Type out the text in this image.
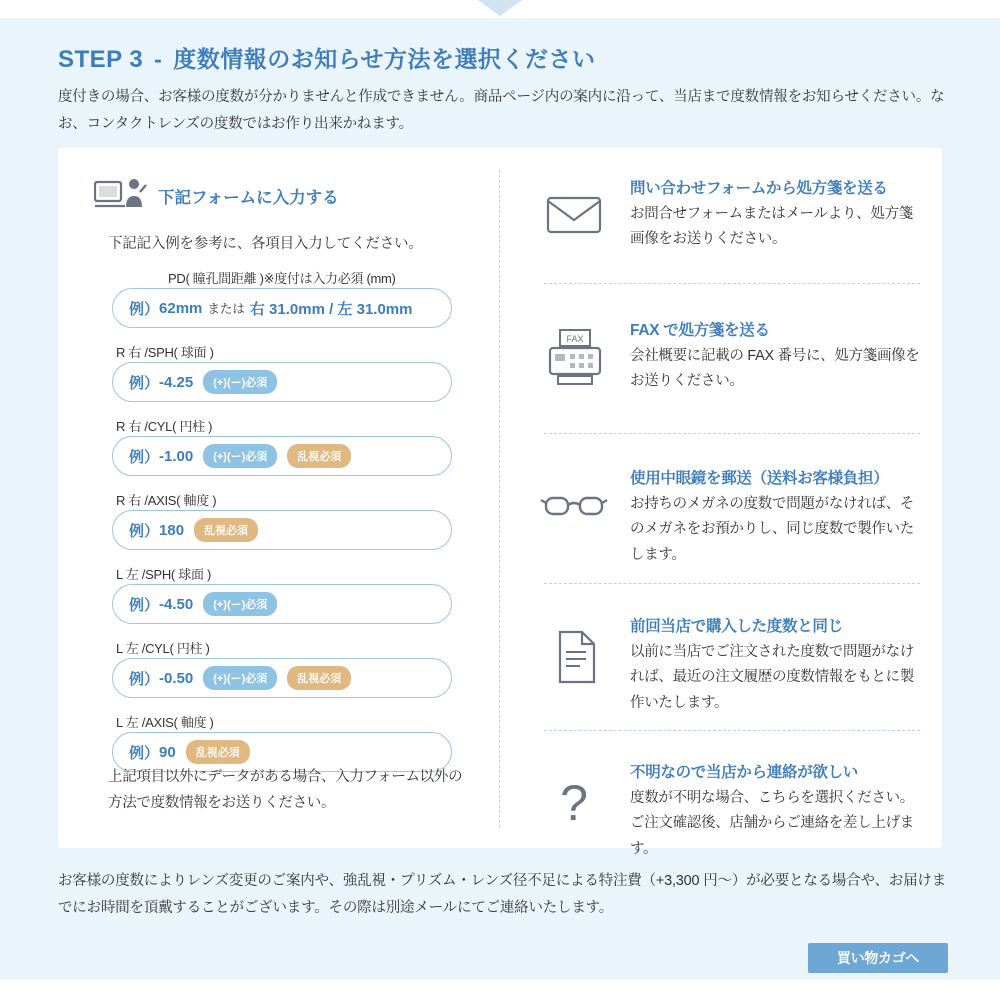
STEP 3 - 度数情報のお知らせ方法を選択ください
度付きの場合、お客様の度数が分かりませんと作成できません。商品ページ内の案内に沿って、当店まで度数情報をお知らせください。なお、コンタクトレンズの度数ではお作り出来かねます。
下記フォームに入力する
下記記入例を参考に、各項目入力してください。
PD( 瞳孔間距離 )※度付は入力必須 (mm)
例） 62mm または 右 31.0mm / 左 31.0mm
R 右 /SPH( 球面 )
例） -4.25	(+)(ー)必須
R 右 /CYL( 円柱 )
例） -1.00	(+)(ー)必須	乱視必須
R 右 /AXIS( 軸度 )
例） 180	乱視必須
L 左 /SPH( 球面 )
例） -4.50	(+)(ー)必須
L 左 /CYL( 円柱 )
例） -0.50	(+)(ー)必須	乱視必須
L 左 /AXIS( 軸度 )
例） 90	乱視必須
上記項目以外にデータがある場合、入力フォーム以外の方法で度数情報をお送りください。
問い合わせフォームから処方箋を送る
お問合せフォームまたはメールより、処方箋画像をお送りください。
FAX	FAX で処方箋を送る
会社概要に記載の FAX 番号に、処方箋画像をお送りください。
使用中眼鏡を郵送（送料お客様負担）
お持ちのメガネの度数で問題がなければ、そのメガネをお預かりし、同じ度数で製作いたします。
前回当店で購入した度数と同じ
以前に当店でご注文された度数で問題がなければ、最近の注文履歴の度数情報をもとに製作いたします。
?
不明なので当店から連絡が欲しい
度数が不明な場合、こちらを選択ください。ご注文確認後、店舗からご連絡を差し上げます。
お客様の度数によりレンズ変更のご案内や、強乱視・プリズム・レンズ径不足による特注費（+3,300 円〜）が必要となる場合や、お届けまでにお時間を頂戴することがございます。その際は別途メールにてご連絡いたします。
買い物カゴへ
